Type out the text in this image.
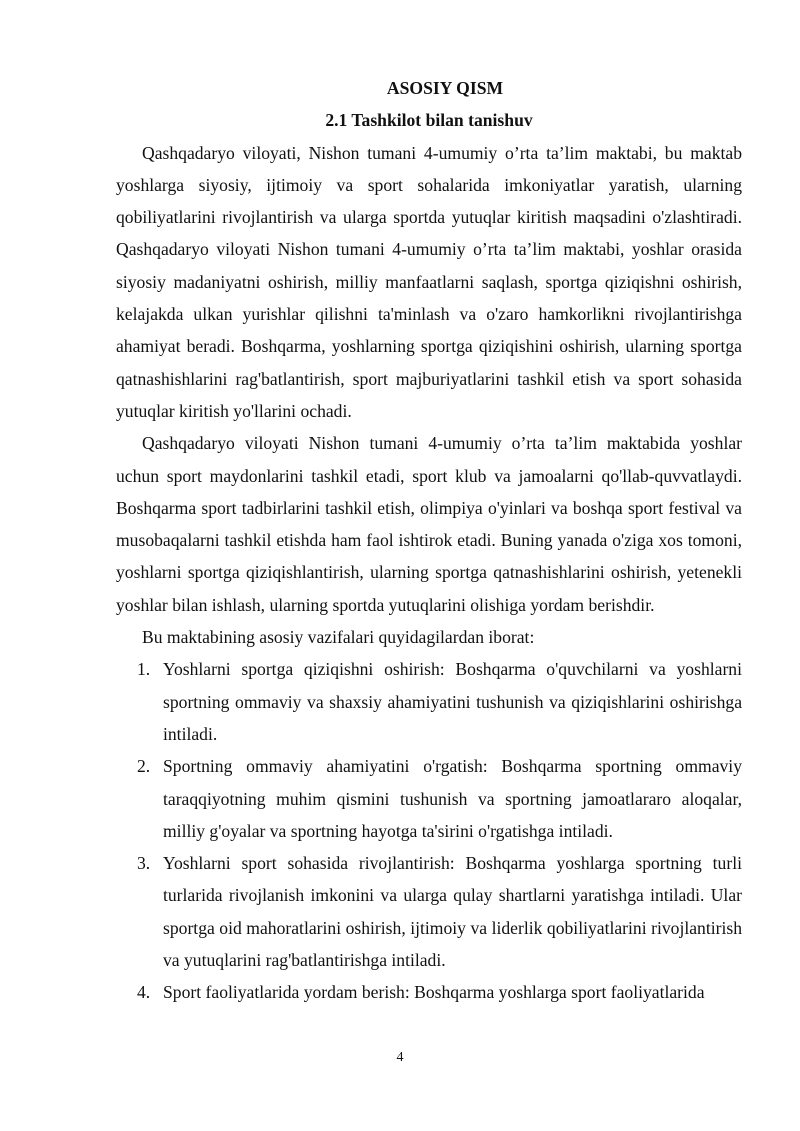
ASOSIY QISM

2.1 Tashkilot bilan tanishuv

Qashqadaryo viloyati, Nishon tumani 4-umumiy o’rta ta’lim maktabi, bu maktab yoshlarga siyosiy, ijtimoiy va sport sohalarida imkoniyatlar yaratish, ularning qobiliyatlarini rivojlantirish va ularga sportda yutuqlar kiritish maqsadini o'zlashtiradi. Qashqadaryo viloyati Nishon tumani 4-umumiy o’rta ta’lim maktabi, yoshlar orasida siyosiy madaniyatni oshirish, milliy manfaatlarni saqlash, sportga qiziqishni oshirish, kelajakda ulkan yurishlar qilishni ta'minlash va o'zaro hamkorlikni rivojlantirishga ahamiyat beradi. Boshqarma, yoshlarning sportga qiziqishini oshirish, ularning sportga qatnashishlarini rag'batlantirish, sport majburiyatlarini tashkil etish va sport sohasida yutuqlar kiritish yo'llarini ochadi.

Qashqadaryo viloyati Nishon tumani 4-umumiy o’rta ta’lim maktabida yoshlar uchun sport maydonlarini tashkil etadi, sport klub va jamoalarni qo'llab-quvvatlaydi. Boshqarma sport tadbirlarini tashkil etish, olimpiya o'yinlari va boshqa sport festival va musobaqalarni tashkil etishda ham faol ishtirok etadi. Buning yanada o'ziga xos tomoni, yoshlarni sportga qiziqishlantirish, ularning sportga qatnashishlarini oshirish, yetenekli yoshlar bilan ishlash, ularning sportda yutuqlarini olishiga yordam berishdir.

Bu maktabining asosiy vazifalari quyidagilardan iborat:

1. Yoshlarni sportga qiziqishni oshirish: Boshqarma o'quvchilarni va yoshlarni sportning ommaviy va shaxsiy ahamiyatini tushunish va qiziqishlarini oshirishga intiladi.
2. Sportning ommaviy ahamiyatini o'rgatish: Boshqarma sportning ommaviy taraqqiyotning muhim qismini tushunish va sportning jamoatlararo aloqalar, milliy g'oyalar va sportning hayotga ta'sirini o'rgatishga intiladi.
3. Yoshlarni sport sohasida rivojlantirish: Boshqarma yoshlarga sportning turli turlarida rivojlanish imkonini va ularga qulay shartlarni yaratishga intiladi. Ular sportga oid mahoratlarini oshirish, ijtimoiy va liderlik qobiliyatlarini rivojlantirish va yutuqlarini rag'batlantirishga intiladi.
4. Sport faoliyatlarida yordam berish: Boshqarma yoshlarga sport faoliyatlarida
4
